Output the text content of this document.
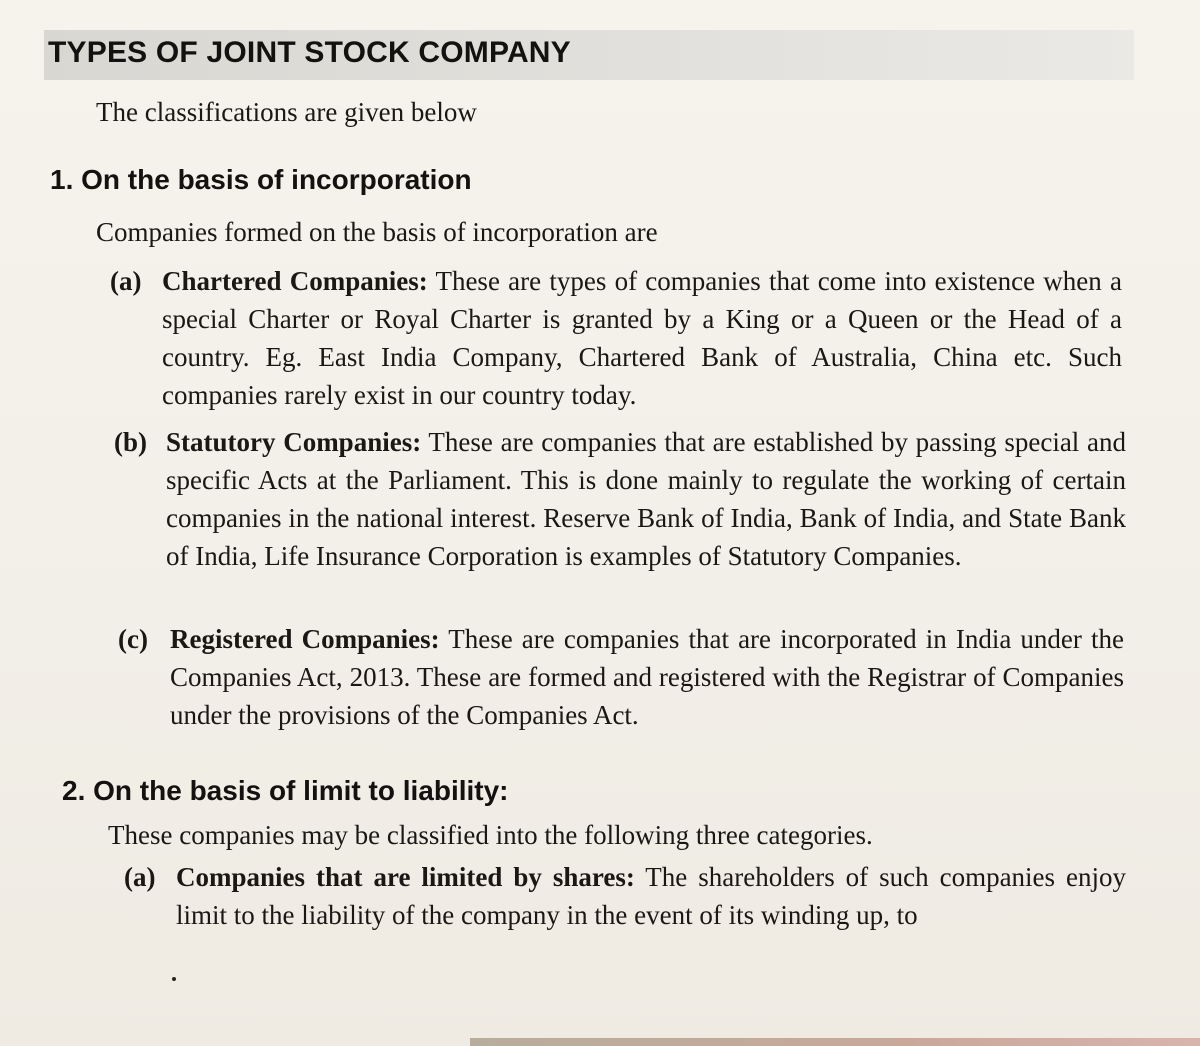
TYPES OF JOINT STOCK COMPANY

The classifications are given below

1. On the basis of incorporation

Companies formed on the basis of incorporation are

(a) Chartered Companies: These are types of companies that come into existence when a special Charter or Royal Charter is granted by a King or a Queen or the Head of a country. Eg. East India Company, Chartered Bank of Australia, China etc. Such companies rarely exist in our country today.

(b) Statutory Companies: These are companies that are established by passing special and specific Acts at the Parliament. This is done mainly to regulate the working of certain companies in the national interest. Reserve Bank of India, Bank of India, and State Bank of India, Life Insurance Corporation is examples of Statutory Companies.

(c) Registered Companies: These are companies that are incorporated in India under the Companies Act, 2013. These are formed and registered with the Registrar of Companies under the provisions of the Companies Act.

2. On the basis of limit to liability:

These companies may be classified into the following three categories.

(a) Companies that are limited by shares: The shareholders of such companies enjoy limit to the liability of the company in the event of its winding up, to
